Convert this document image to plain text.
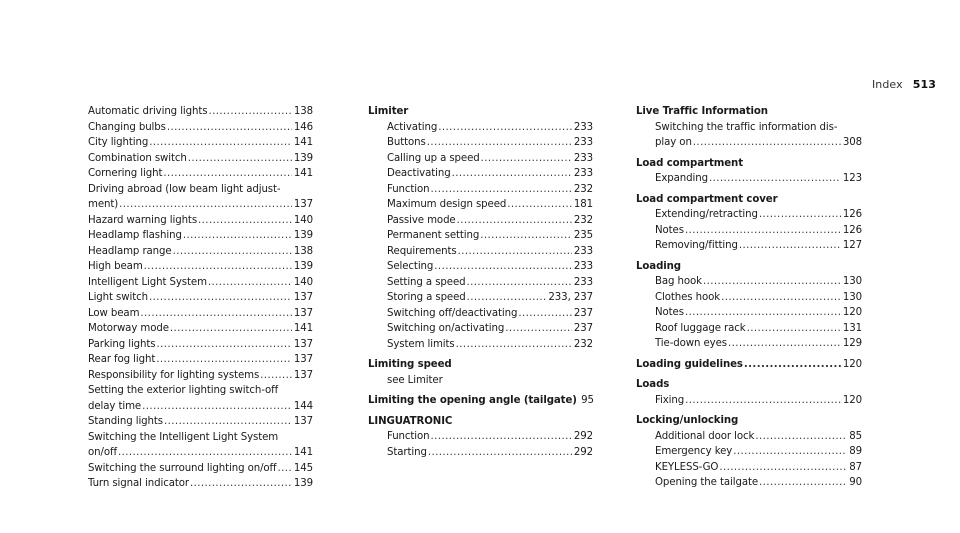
Index 513
Automatic driving lights .....	138
Changing bulbs .....	146
City lighting .....	141
Combination switch .....	139
Cornering light .....	141
Driving abroad (low beam light adjust-
ment) .....	137
Hazard warning lights .....	140
Headlamp flashing .....	139
Headlamp range .....	138
High beam .....	139
Intelligent Light System .....	140
Light switch .....	137
Low beam .....	137
Motorway mode .....	141
Parking lights .....	137
Rear fog light .....	137
Responsibility for lighting systems .....	137
Setting the exterior lighting switch-off
delay time .....	144
Standing lights .....	137
Switching the Intelligent Light System
on/off .....	141
Switching the surround lighting on/off ..... 145
Turn signal indicator .....	139
Limiter
Activating .....	233
Buttons .....	233
Calling up a speed .....	233
Deactivating .....	233
Function .....	232
Maximum design speed .....	181
Passive mode .....	232
Permanent setting .....	235
Requirements .....	233
Selecting .....	233
Setting a speed .....	233
Storing a speed .....	233, 237
Switching off/deactivating .....	237
Switching on/activating .....	237
System limits .....	232
Limiting speed
see Limiter
Limiting the opening angle (tailgate) 95
LINGUATRONIC
Function .....	292
Starting .....	292
Live Traffic Information
Switching the traffic information dis-
play on .....	308
Load compartment
Expanding .....	123
Load compartment cover
Extending/retracting .....	126
Notes .....	126
Removing/fitting .....	127
Loading
Bag hook .....	130
Clothes hook .....	130
Notes .....	120
Roof luggage rack .....	131
Tie-down eyes .....	129
Loading guidelines .....	120
Loads
Fixing .....	120
Locking/unlocking
Additional door lock .....	85
Emergency key .....	89
KEYLESS-GO .....	87
Opening the tailgate .....	90
